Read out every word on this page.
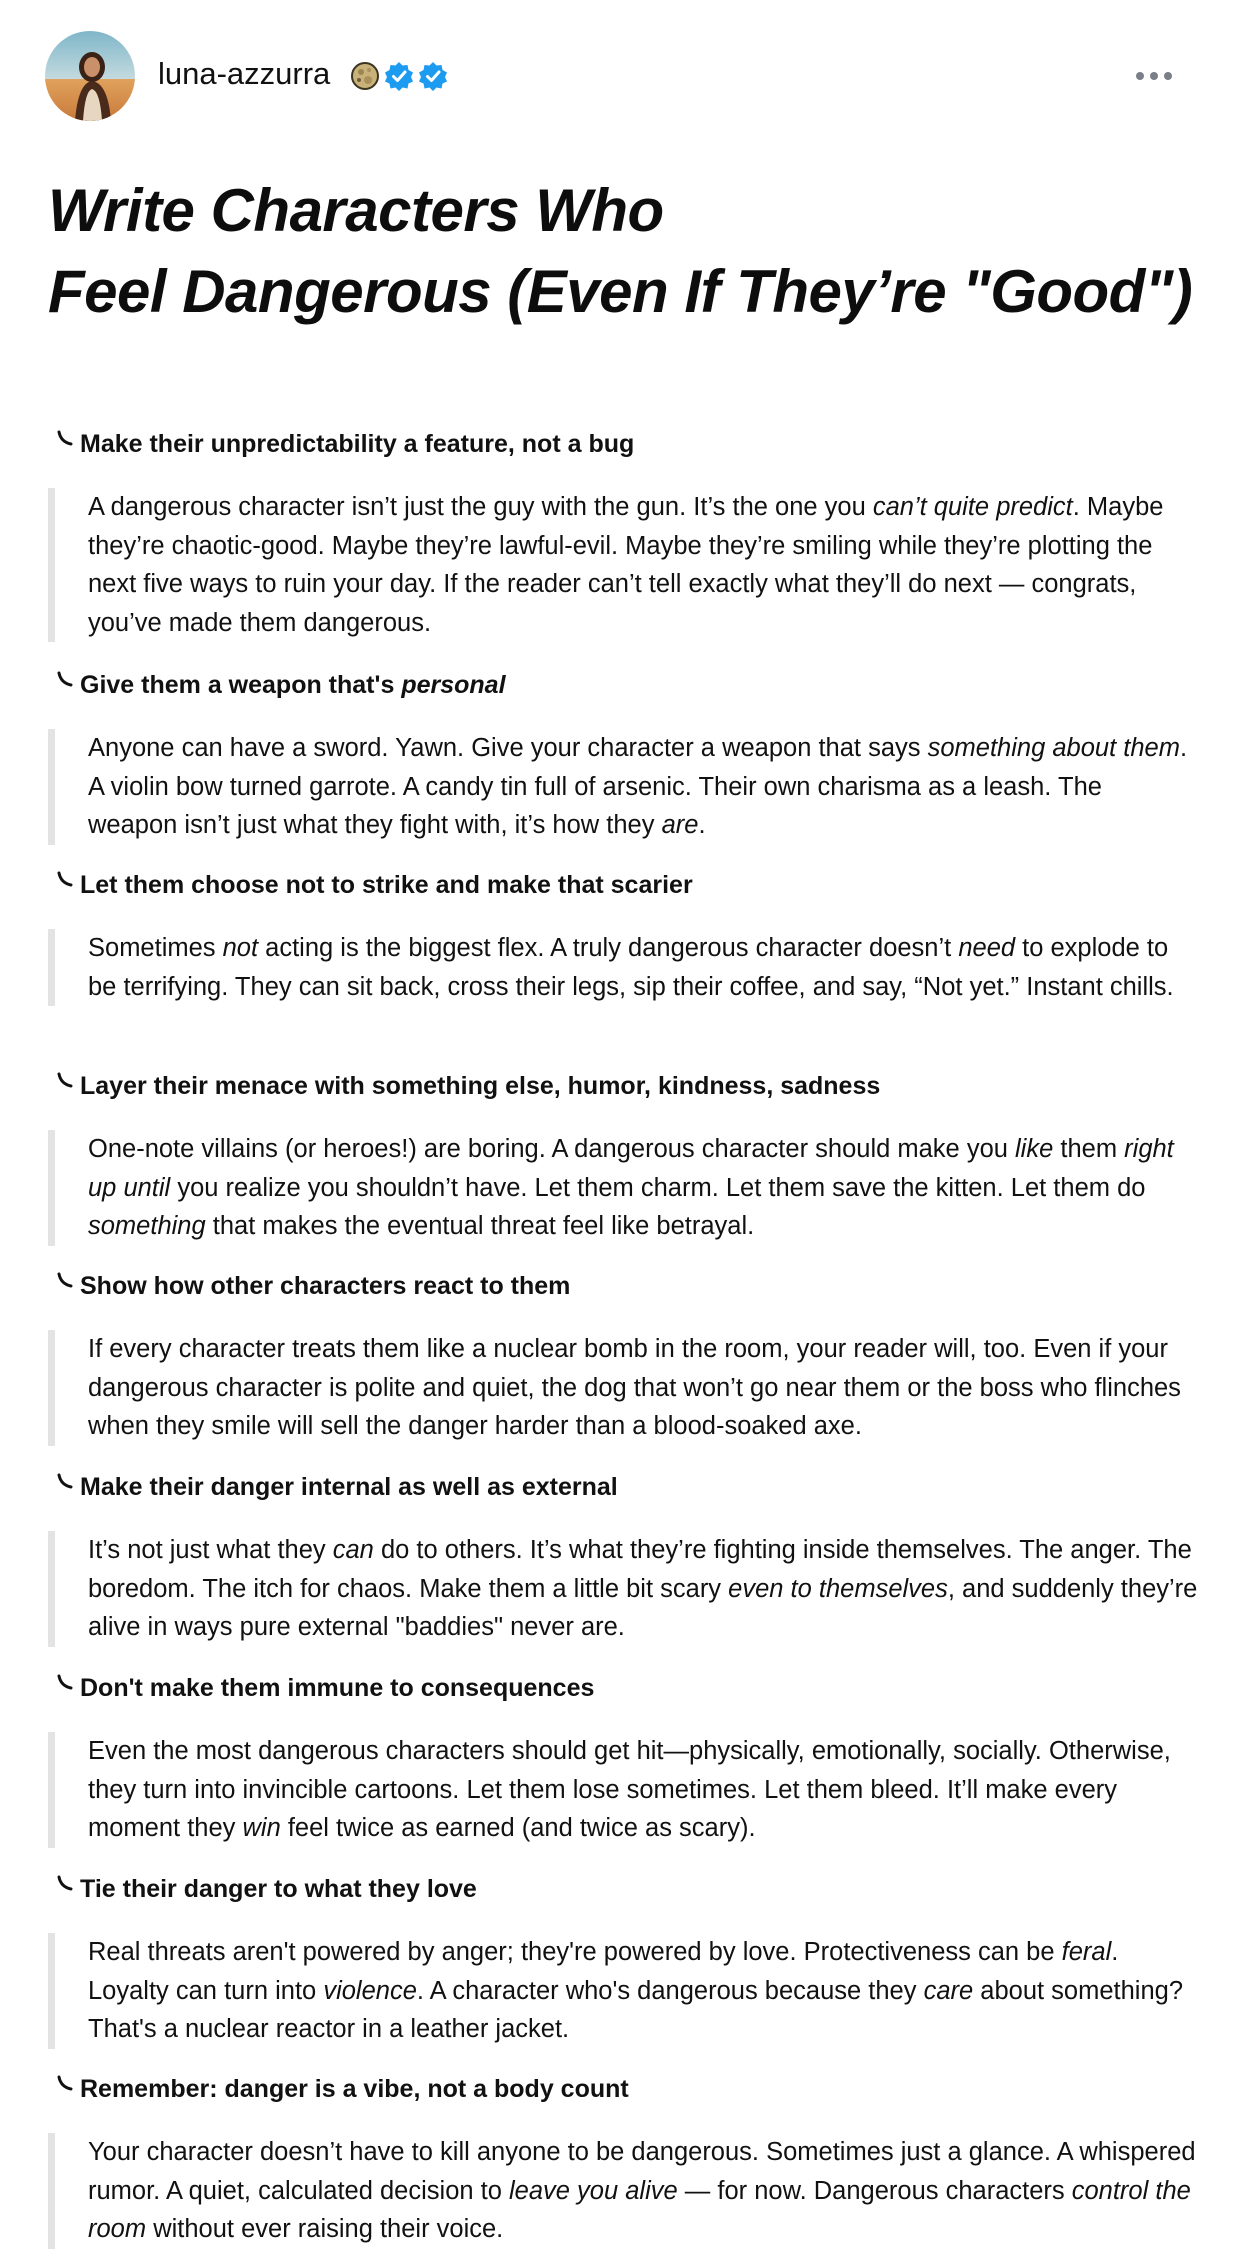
luna-azzurra
Write Characters Who
Feel Dangerous (Even If They’re "Good")
Make their unpredictability a feature, not a bug

A dangerous character isn’t just the guy with the gun. It’s the one you can’t quite predict. Maybe they’re chaotic-good. Maybe they’re lawful-evil. Maybe they’re smiling while they’re plotting the next five ways to ruin your day. If the reader can’t tell exactly what they’ll do next — congrats, you’ve made them dangerous.

Give them a weapon that's personal

Anyone can have a sword. Yawn. Give your character a weapon that says something about them. A violin bow turned garrote. A candy tin full of arsenic. Their own charisma as a leash. The weapon isn’t just what they fight with, it’s how they are.

Let them choose not to strike and make that scarier

Sometimes not acting is the biggest flex. A truly dangerous character doesn’t need to explode to be terrifying. They can sit back, cross their legs, sip their coffee, and say, “Not yet.” Instant chills.

Layer their menace with something else, humor, kindness, sadness

One-note villains (or heroes!) are boring. A dangerous character should make you like them right up until you realize you shouldn’t have. Let them charm. Let them save the kitten. Let them do something that makes the eventual threat feel like betrayal.

Show how other characters react to them

If every character treats them like a nuclear bomb in the room, your reader will, too. Even if your dangerous character is polite and quiet, the dog that won’t go near them or the boss who flinches when they smile will sell the danger harder than a blood-soaked axe.

Make their danger internal as well as external

It’s not just what they can do to others. It’s what they’re fighting inside themselves. The anger. The boredom. The itch for chaos. Make them a little bit scary even to themselves, and suddenly they’re alive in ways pure external "baddies" never are.

Don't make them immune to consequences

Even the most dangerous characters should get hit—physically, emotionally, socially. Otherwise, they turn into invincible cartoons. Let them lose sometimes. Let them bleed. It’ll make every moment they win feel twice as earned (and twice as scary).

Tie their danger to what they love

Real threats aren't powered by anger; they're powered by love. Protectiveness can be feral. Loyalty can turn into violence. A character who's dangerous because they care about something? That's a nuclear reactor in a leather jacket.

Remember: danger is a vibe, not a body count

Your character doesn’t have to kill anyone to be dangerous. Sometimes just a glance. A whispered rumor. A quiet, calculated decision to leave you alive — for now. Dangerous characters control the room without ever raising their voice.
